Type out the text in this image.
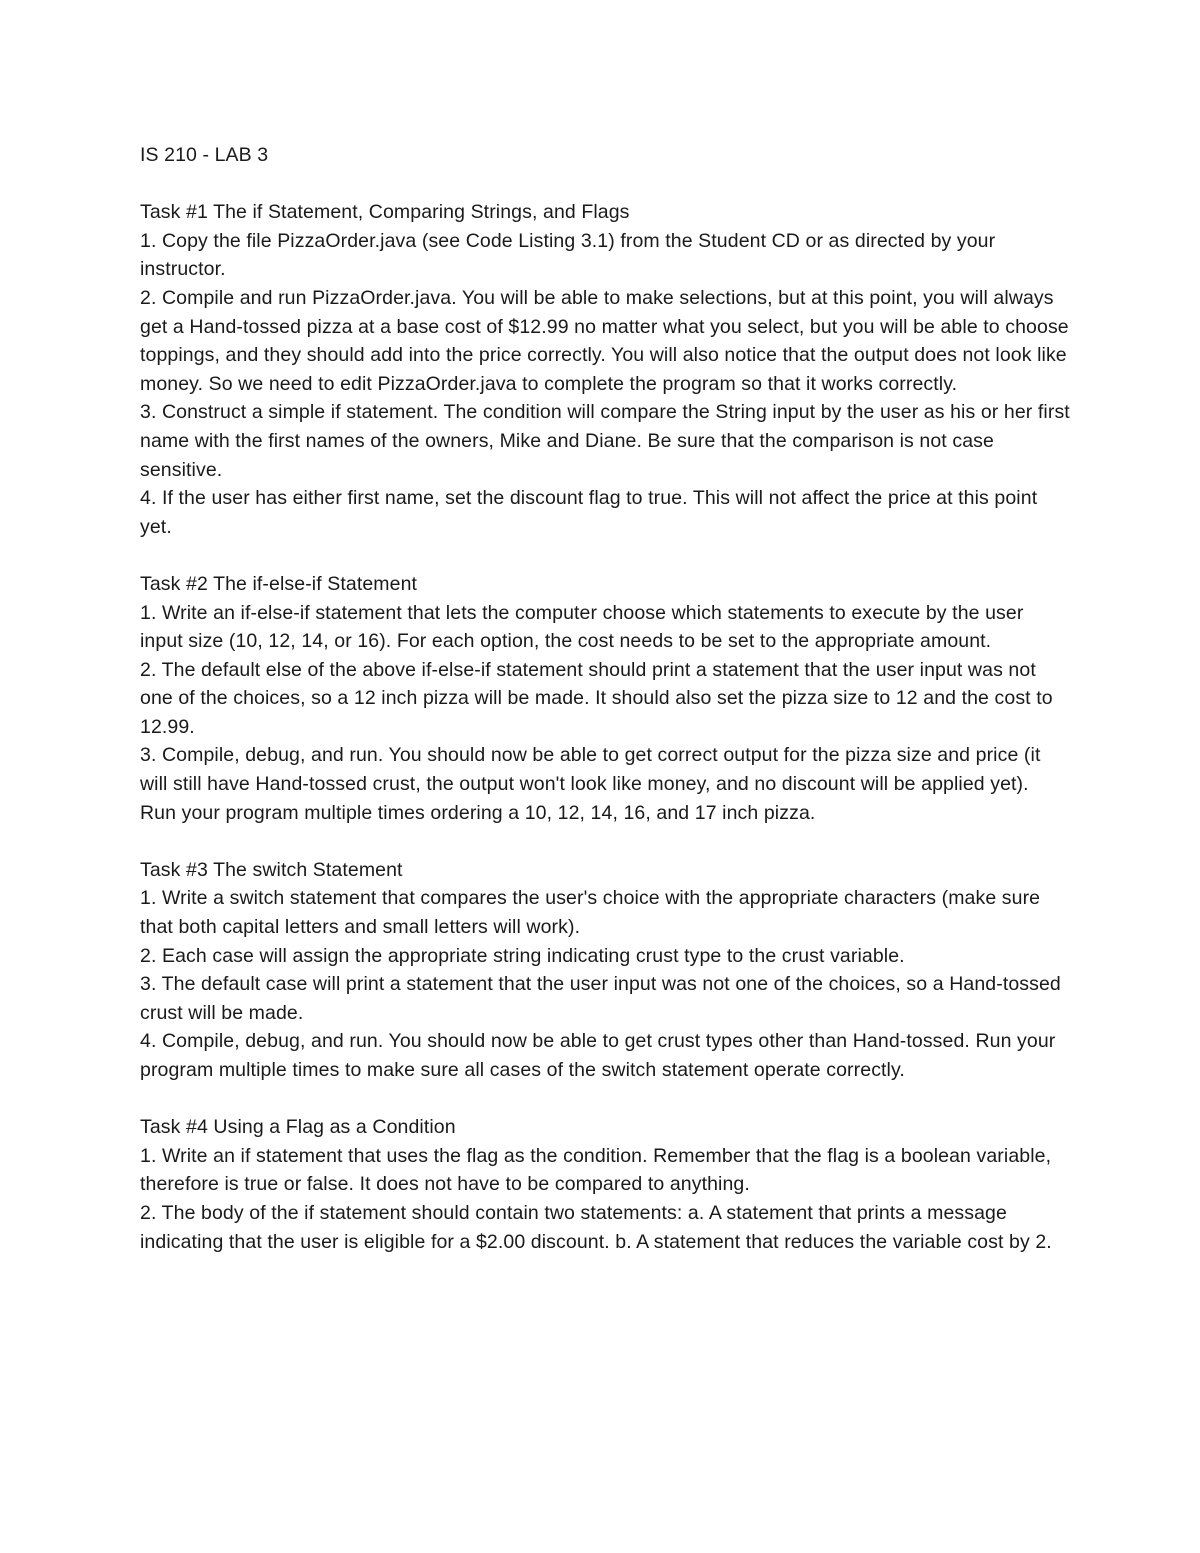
IS 210 - LAB 3

Task #1 The if Statement, Comparing Strings, and Flags

1. Copy the file PizzaOrder.java (see Code Listing 3.1) from the Student CD or as directed by your instructor.

2. Compile and run PizzaOrder.java. You will be able to make selections, but at this point, you will always get a Hand-tossed pizza at a base cost of $12.99 no matter what you select, but you will be able to choose toppings, and they should add into the price correctly. You will also notice that the output does not look like money. So we need to edit PizzaOrder.java to complete the program so that it works correctly.

3. Construct a simple if statement. The condition will compare the String input by the user as his or her first name with the first names of the owners, Mike and Diane. Be sure that the comparison is not case sensitive.

4. If the user has either first name, set the discount flag to true. This will not affect the price at this point yet.

Task #2 The if-else-if Statement

1. Write an if-else-if statement that lets the computer choose which statements to execute by the user input size (10, 12, 14, or 16). For each option, the cost needs to be set to the appropriate amount.

2. The default else of the above if-else-if statement should print a statement that the user input was not one of the choices, so a 12 inch pizza will be made. It should also set the pizza size to 12 and the cost to 12.99.

3. Compile, debug, and run. You should now be able to get correct output for the pizza size and price (it will still have Hand-tossed crust, the output won't look like money, and no discount will be applied yet). Run your program multiple times ordering a 10, 12, 14, 16, and 17 inch pizza.

Task #3 The switch Statement

1. Write a switch statement that compares the user's choice with the appropriate characters (make sure that both capital letters and small letters will work).

2. Each case will assign the appropriate string indicating crust type to the crust variable.

3. The default case will print a statement that the user input was not one of the choices, so a Hand-tossed crust will be made.

4. Compile, debug, and run. You should now be able to get crust types other than Hand-tossed. Run your program multiple times to make sure all cases of the switch statement operate correctly.

Task #4 Using a Flag as a Condition

1. Write an if statement that uses the flag as the condition. Remember that the flag is a boolean variable, therefore is true or false. It does not have to be compared to anything.

2. The body of the if statement should contain two statements: a. A statement that prints a message indicating that the user is eligible for a $2.00 discount. b. A statement that reduces the variable cost by 2.
